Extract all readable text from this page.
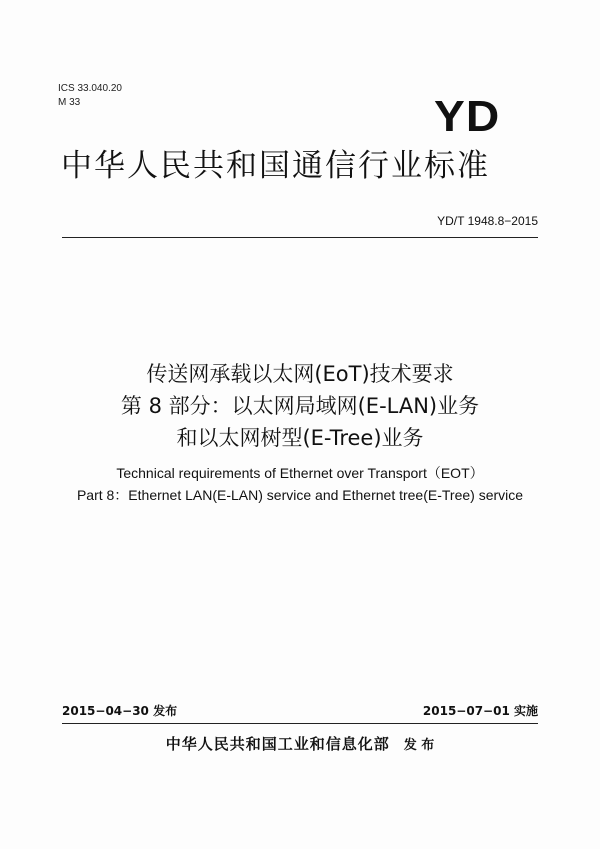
ICS 33.040.20
M 33	YD
中华人民共和国通信行业标准
YD/T 1948.8−2015
传送网承载以太网(EoT)技术要求
第 8 部分：以太网局域网(E-LAN)业务
和以太网树型(E-Tree)业务
Technical requirements of Ethernet over Transport（EOT）
Part 8：Ethernet LAN(E-LAN) service and Ethernet tree(E-Tree) service
2015−04−30 发布	2015−07−01 实施
中华人民共和国工业和信息化部 发 布
